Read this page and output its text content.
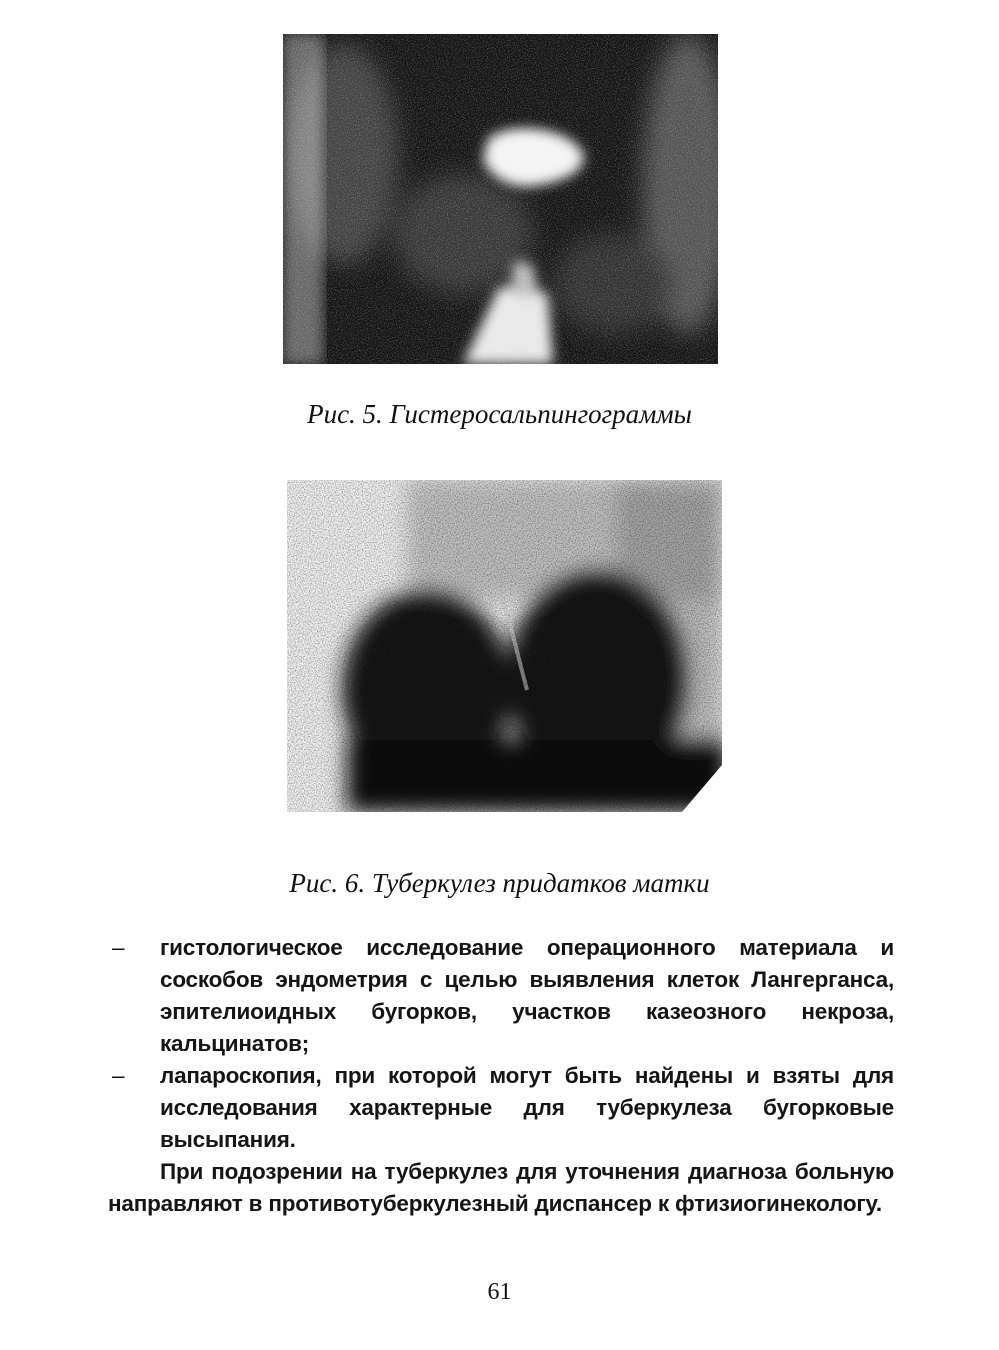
Рис. 5. Гистеросальпингограммы

Рис. 6. Туберкулез придатков матки

– гистологическое исследование операционного материала и соскобов эндометрия с целью выявления клеток Лангерганса, эпителиоидных бугорков, участков казеозного некроза, кальцинатов;

– лапароскопия, при которой могут быть найдены и взяты для исследования характерные для туберкулеза бугорковые высыпания.

При подозрении на туберкулез для уточнения диагноза больную направляют в противотуберкулезный диспансер к фтизиогинекологу.

61
